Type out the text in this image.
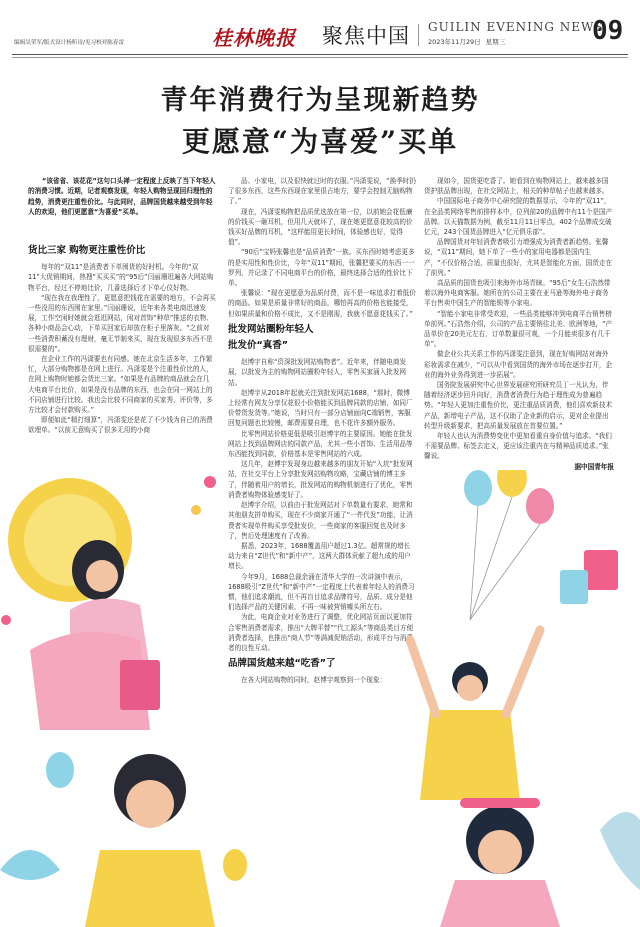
编辑吴荣军/版式设计杨昕诗/见习校对陈春雷	桂林晚报 聚焦中国 GUILIN EVENING NEWS
2023年11月29日 星期三	09
青年消费行为呈现新趋势
更愿意“为喜爱”买单
“该省省、该花花”这句口头禅一定程度上反映了当下年轻人的消费习惯。近期，记者观察发现，年轻人购物呈现回归理性的趋势，消费更注重性价比。与此同时，品牌国货越来越受到年轻人的欢迎，他们更愿意“为喜爱”买单。

货比三家 购物更注重性价比

每年的“双11”是消费者下单囤货的好时机。今年的“双11”大促销期间，热搜“买买买”的“95后”闫丽珊逛遍各大网站购物平台，经过不停地比价，几番选择后才下单心仪好物。

“现在我在我理性了，更愿意把钱花在需要的地方，不会再买一些没用的东西囤在家里。”闫丽珊说，近年来各类电商迅速发展，工作空闲时她就会逛逛网站，闲对首饰“种草”推送的衣物、各种小商品会心动，下单买回家后却放在柜子里落灰。“之前对一些消费积蓄没有理财，毫无节制来买，现在发现很多东西不是很需要的”。

在企业工作的冯潇要也有同感。她在北京生活多年，工作繁忙，大部分购物都是在网上进行。冯潇雯是个注重性价比的人，在网上购物时她都会货比三家。“如果是有品牌的商品就会在几大电商平台比价，如果是没有品牌的东西，也会在同一网站上的不同店铺进行比较。我也会比较不同商家的买家秀，评价等，多方比较才会付款购买。”

即便如此“精打细算”，冯潇雯还是花了不少钱为自己的消费欲埋单。“以前无意购买了很多无用的小商

品、小家电，以及很快就过时的衣服。”冯潇雯说，“换季时扔了很多东西，这些东西现在家里很占地方，要学会控制无脑购物了。”

现在，冯潇雯购物把品质优选放在第一位，以前她会花低廉的价钱买一砸耳机，但用几天就坏了，现在她更愿意花较高的价钱买好品牌的耳机，“这样能用更长时间，体验感也好，觉得值”。

“90后”宝妈张馨也是“品质消费”一族。买东西时她考虑更多的是实用性和性价比，今年“双11”期间，张馨把要买的东西一一罗列，并记录了不同电商平台的价格，最终选择合适的性价比下单。

张馨说：“现在更愿意为品质付费，而不是一味追求打着低价的商品。如果是质量非常好的商品，哪怕再高的价格也能接受，但如果质量和价格不成比，又不是刚需，我就不愿意花钱买了。”

批发网站圈粉年轻人

批发价“真香”

赵博宇自称“资深批发网站购物者”。近年来，伴随电商发展，以批发为主的购物网站圈粉年轻人，零售买家涌入批发网站。

赵博宇从2018年起就关注到批发网站1688，“那时，微博上经常有网友分享仅花很小价格能买到品牌同款的店铺，如同厂价带货发货等。”她说，当时只有一部分店铺面向C端销售，客服回复问题也比较慢，邮费需要自理，也不花许多额外服务。

比零售网站价格更低是吸引赵博宇的主要原因。她能在批发网站上找到品牌网店的同款产品，尤其一些小首饰、生活用品等东西能找到同款，价格基本是零售网站的六成。

这几年，赵博宇发现身边越来越多的朋友开始“入坑”批发网站，在社交平台上分享批发网站购物攻略，宝藏店铺的博主多了，伴随着用户的增长，批发网站的购物机制进行了优化，零售消费者购物体验感变好了。

赵博宇介绍，以前由于批发网站对下单数量有要求，她常和其他朋友拼单购买，现在不少商家开通了“一件代发”功能，让消费者实现单件购买享受批发价，一些商家的客服回复也及时多了，售后处理速度有了改善。

据悉，2023年，1688覆盖用户超过1.3亿。超常规的增长动力来自“Z世代”和“新中产”，这两大群体贡献了超九成的用户增长。

今年9月，1688总裁余涌在清华大学的一次讲演中表示，1688吸引“Z世代”和“新中产”一定程度上代表着年轻人的消费习惯，他们追求潮流，但不再盲目追求品牌符号，品质、成分是他们选择产品的关键因素，不再一味被营销噱头所左右。

为此，电商企业对业务进行了调整，优化网站页面以更加符合零售消费者需求，推出“大牌平替”“代工源头”等商品类目方便消费者选择，也推出“商人节”等满减促销活动，形成平台与消费者的良性互动。

品牌国货越来越“吃香”了

在各大网站购物的同时，赵博宇观察到一个现象：

现如今，国货更吃香了。她看到在购物网站上，越来越多国货护肤品牌出现，在社交网站上，相关的种草帖子也越来越多。

中国国际电子商务中心研究院的数据显示，今年的“双11”，在全品类网络零售前排样本中，位列前20的品牌中有11个是国产品牌。以天猫数据为例，截至11月11日零点，402个品牌成交破亿元，243个国货品牌进入“亿元俱乐部”。

品牌国货对年轻消费者吸引力增强成为消费者新趋势。张馨说，“双11”期间，她下单了一些小的家用电器都是国内生产，“不仅价格合适，质量也很好，尤其是智能化方面，国货走在了前列。”

高品质的国货也吸引来海外市场青睐。“95后”女生石浩然带着以海外电商客服。她所在的公司主要在亚马逊等海外电子商务平台售卖中国生产的智能锁等小家电。

“智能小家电非常受欢迎，一些品类能够冲到电商平台销售榜单前列。”石浩然介绍，公司的产品主要销往北美、欧洲等地，“产品单价在20美元左右，订单数量很可观，一个月能卖很多有几千单”。

做企业公共关系工作的冯潇雯注意到，现在好购网站对海外彩妆需求在减少，“可以从中看到国货的海外市场在逐步打开，企业的海外业务得到进一步拓展”。

国务院发展研究中心世界发展研究所研究员丁一凡认为，伴随着经济逐步回升向好，消费者消费行为趋于理性成为普遍趋势。“年轻人更加注重性价比，更注重品质消费，他们喜欢新技术产品，新增电子产品，这不仅助了企业新的启示，更对企业提出转型升级新要求，把高质量发展放在首要位置。”

年轻人也认为消费势变化中更加看重自身价值与追求。“我们不需要品牌、标签去定义，更应该注重内在与精神品质追求。”张馨说。

据中国青年报
